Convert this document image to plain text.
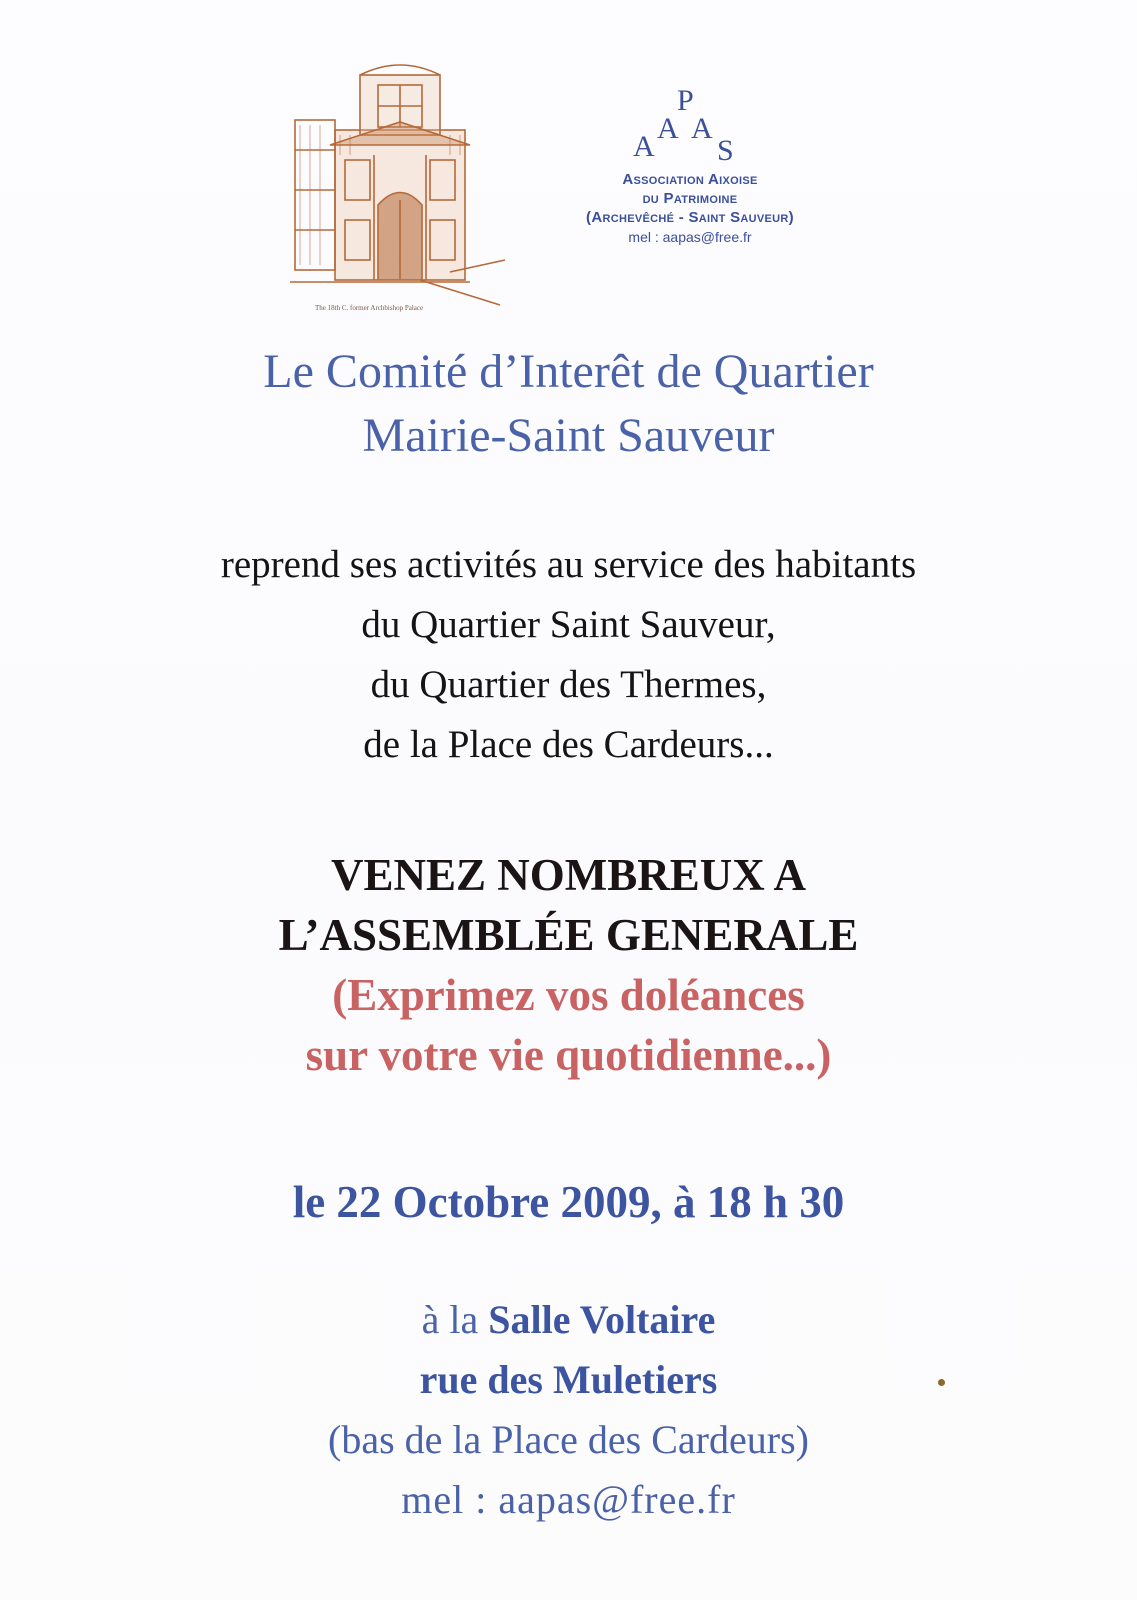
The 18th C. former Archbishop Palace
A
A
P
A
S
Association Aixoise
du Patrimoine
(Archevêché - Saint Sauveur)
mel : aapas@free.fr
Le Comité d’Interêt de Quartier
Mairie-Saint Sauveur
reprend ses activités au service des habitants
du Quartier Saint Sauveur,
du Quartier des Thermes,
de la Place des Cardeurs...
VENEZ NOMBREUX A
L’ASSEMBLÉE GENERALE
(Exprimez vos doléances
sur votre vie quotidienne...)
le 22 Octobre 2009, à 18 h 30
à la Salle Voltaire
rue des Muletiers
(bas de la Place des Cardeurs)
mel : aapas@free.fr
